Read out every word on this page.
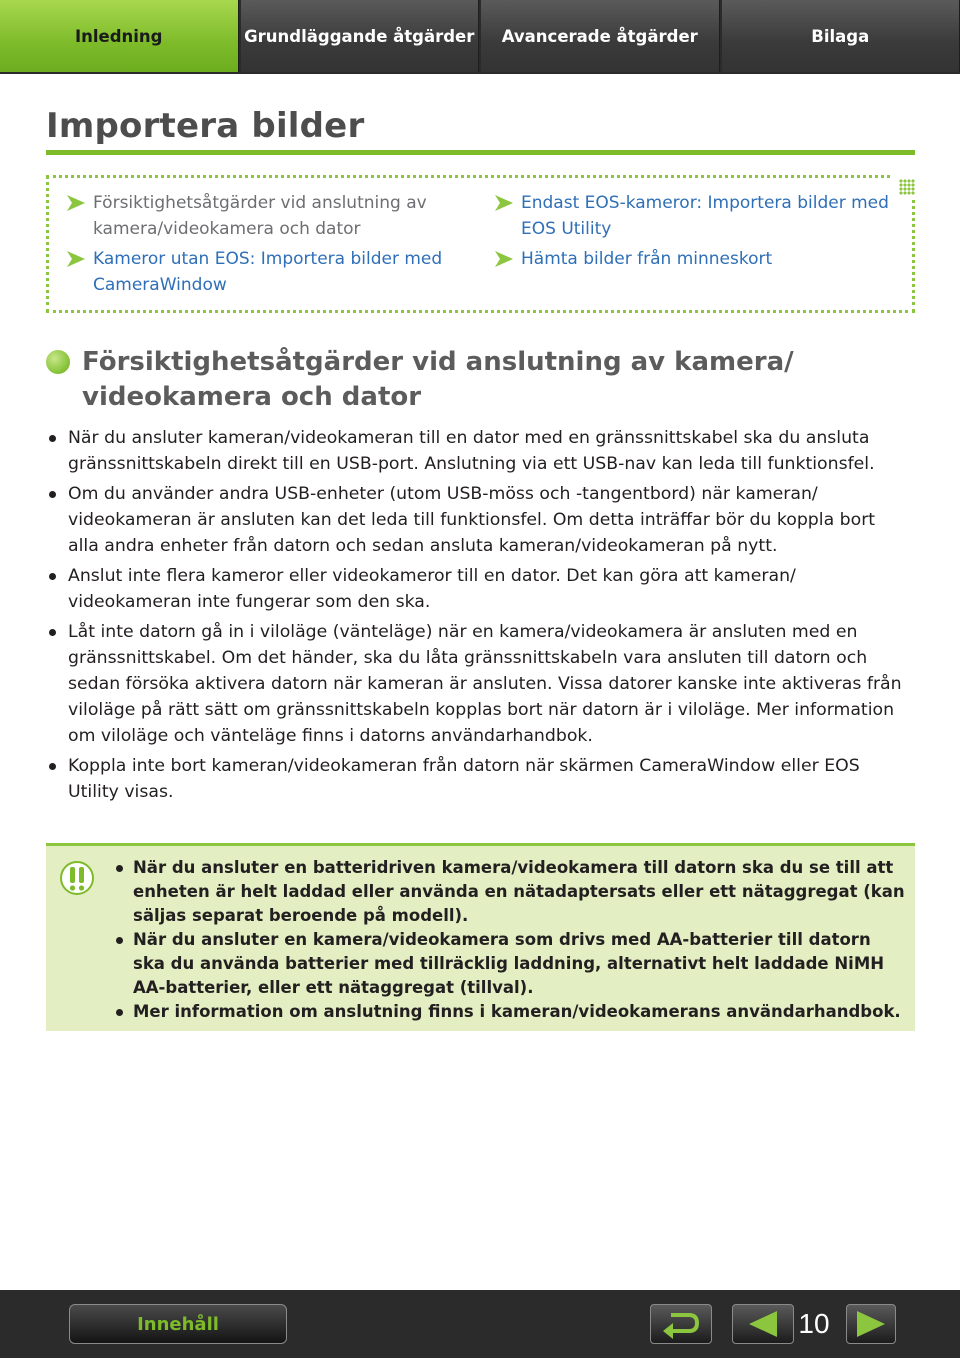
Inledning	Grundläggande åtgärder	Avancerade åtgärder	Bilaga
Importera bilder
Försiktighetsåtgärder vid anslutning av kamera/videokamera och dator
Kameror utan EOS: Importera bilder med CameraWindow
Endast EOS-kameror: Importera bilder med EOS Utility
Hämta bilder från minneskort
Försiktighetsåtgärder vid anslutning av kamera/ videokamera och dator
När du ansluter kameran/videokameran till en dator med en gränssnittskabel ska du ansluta gränssnittskabeln direkt till en USB-port. Anslutning via ett USB-nav kan leda till funktionsfel.
Om du använder andra USB-enheter (utom USB-möss och -tangentbord) när kameran/ videokameran är ansluten kan det leda till funktionsfel. Om detta inträffar bör du koppla bort alla andra enheter från datorn och sedan ansluta kameran/videokameran på nytt.
Anslut inte flera kameror eller videokameror till en dator. Det kan göra att kameran/ videokameran inte fungerar som den ska.
Låt inte datorn gå in i viloläge (vänteläge) när en kamera/videokamera är ansluten med en gränssnittskabel. Om det händer, ska du låta gränssnittskabeln vara ansluten till datorn och sedan försöka aktivera datorn när kameran är ansluten. Vissa datorer kanske inte aktiveras från viloläge på rätt sätt om gränssnittskabeln kopplas bort när datorn är i viloläge. Mer information om viloläge och vänteläge finns i datorns användarhandbok.
Koppla inte bort kameran/videokameran från datorn när skärmen CameraWindow eller EOS Utility visas.
När du ansluter en batteridriven kamera/videokamera till datorn ska du se till att enheten är helt laddad eller använda en nätadaptersats eller ett nätaggregat (kan säljas separat beroende på modell).
När du ansluter en kamera/videokamera som drivs med AA-batterier till datorn ska du använda batterier med tillräcklig laddning, alternativt helt laddade NiMH AA-batterier, eller ett nätaggregat (tillval).
Mer information om anslutning finns i kameran/videokamerans användarhandbok.
Innehåll	10
